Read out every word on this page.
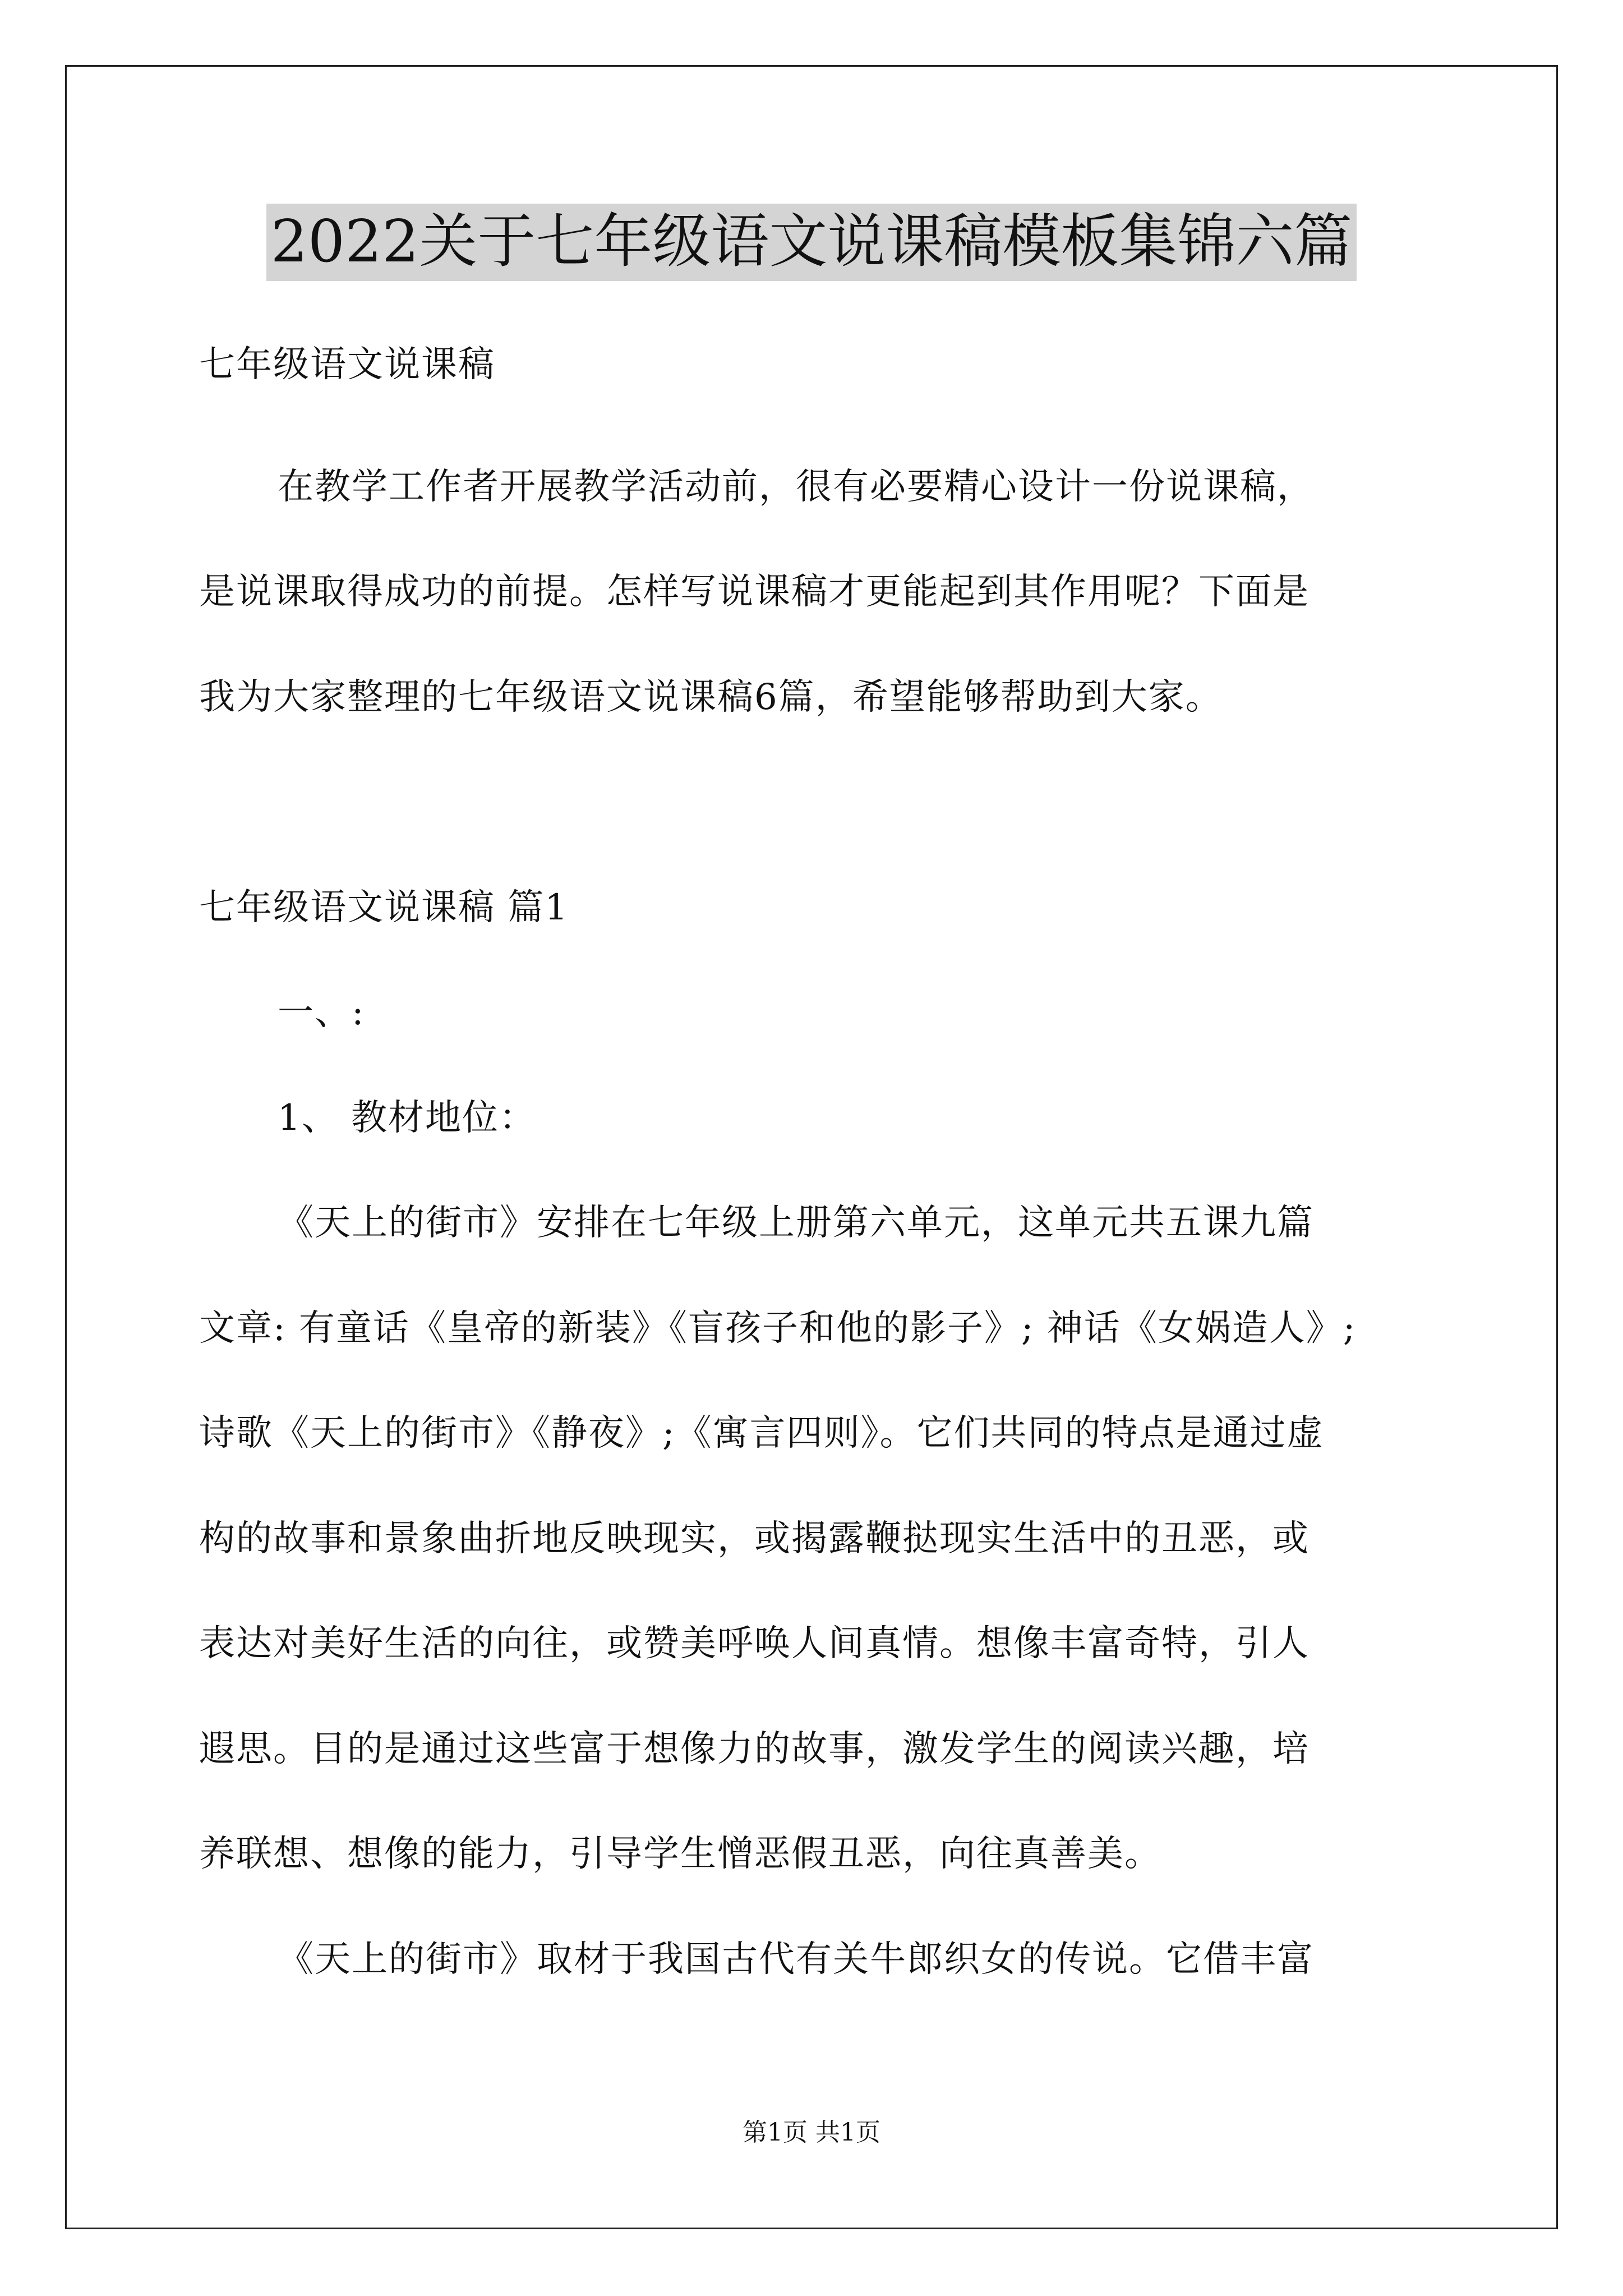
2022关于七年级语文说课稿模板集锦六篇
七年级语文说课稿
在教学工作者开展教学活动前，很有必要精心设计一份说课稿，
是说课取得成功的前提。怎样写说课稿才更能起到其作用呢？下面是
我为大家整理的七年级语文说课稿6篇，希望能够帮助到大家。
七年级语文说课稿 篇1
一、:
1、 教材地位：
《天上的街市》安排在七年级上册第六单元，这单元共五课九篇
文章: 有童话《皇帝的新装》《盲孩子和他的影子》; 神话《女娲造人》;
诗歌《天上的街市》《静夜》;《寓言四则》。它们共同的特点是通过虚
构的故事和景象曲折地反映现实，或揭露鞭挞现实生活中的丑恶，或
表达对美好生活的向往，或赞美呼唤人间真情。想像丰富奇特，引人
遐思。目的是通过这些富于想像力的故事，激发学生的阅读兴趣，培
养联想、想像的能力，引导学生憎恶假丑恶，向往真善美。
《天上的街市》取材于我国古代有关牛郎织女的传说。它借丰富
第1页 共1页
